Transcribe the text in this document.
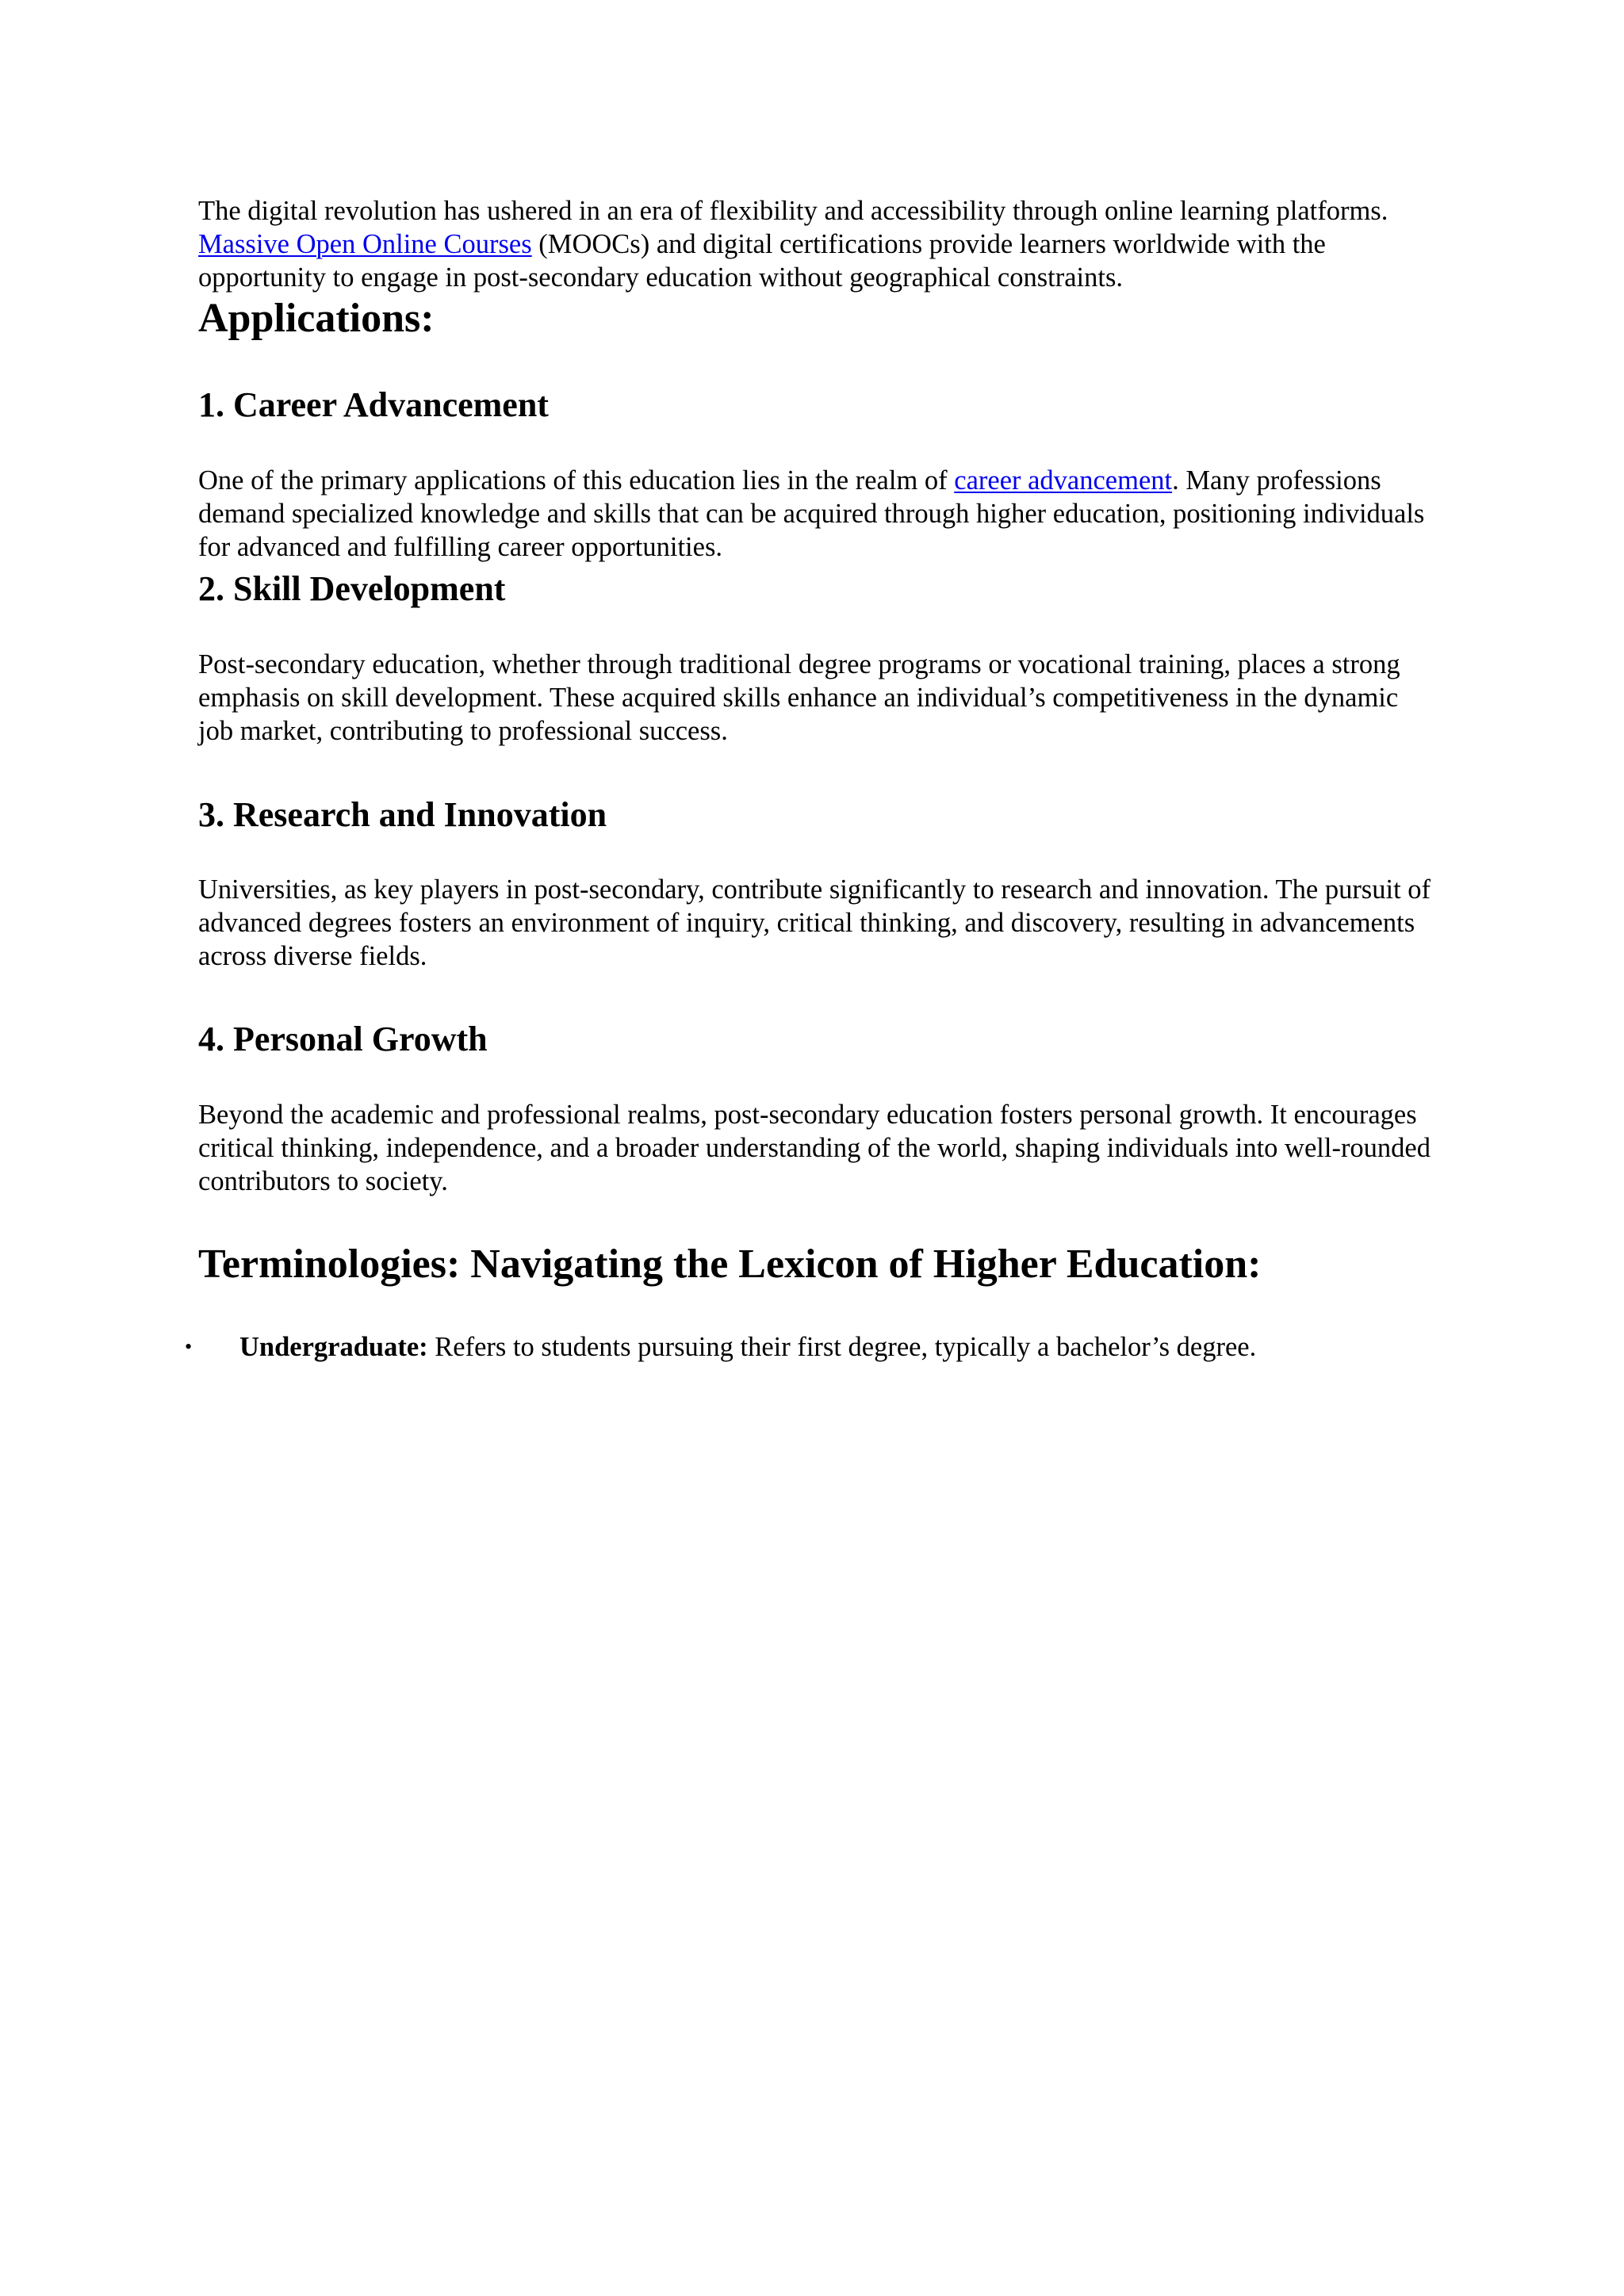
The digital revolution has ushered in an era of flexibility and accessibility through online learning platforms. Massive Open Online Courses (MOOCs) and digital certifications provide learners worldwide with the opportunity to engage in post-secondary education without geographical constraints.

Applications:
1. Career Advancement

One of the primary applications of this education lies in the realm of career advancement. Many professions demand specialized knowledge and skills that can be acquired through higher education, positioning individuals for advanced and fulfilling career opportunities.

2. Skill Development

Post-secondary education, whether through traditional degree programs or vocational training, places a strong emphasis on skill development. These acquired skills enhance an individual’s competitiveness in the dynamic job market, contributing to professional success.

3. Research and Innovation

Universities, as key players in post-secondary, contribute significantly to research and innovation. The pursuit of advanced degrees fosters an environment of inquiry, critical thinking, and discovery, resulting in advancements across diverse fields.

4. Personal Growth

Beyond the academic and professional realms, post-secondary education fosters personal growth. It encourages critical thinking, independence, and a broader understanding of the world, shaping individuals into well-rounded contributors to society.

Terminologies: Navigating the Lexicon of Higher Education:
• Undergraduate: Refers to students pursuing their first degree, typically a bachelor’s degree.
